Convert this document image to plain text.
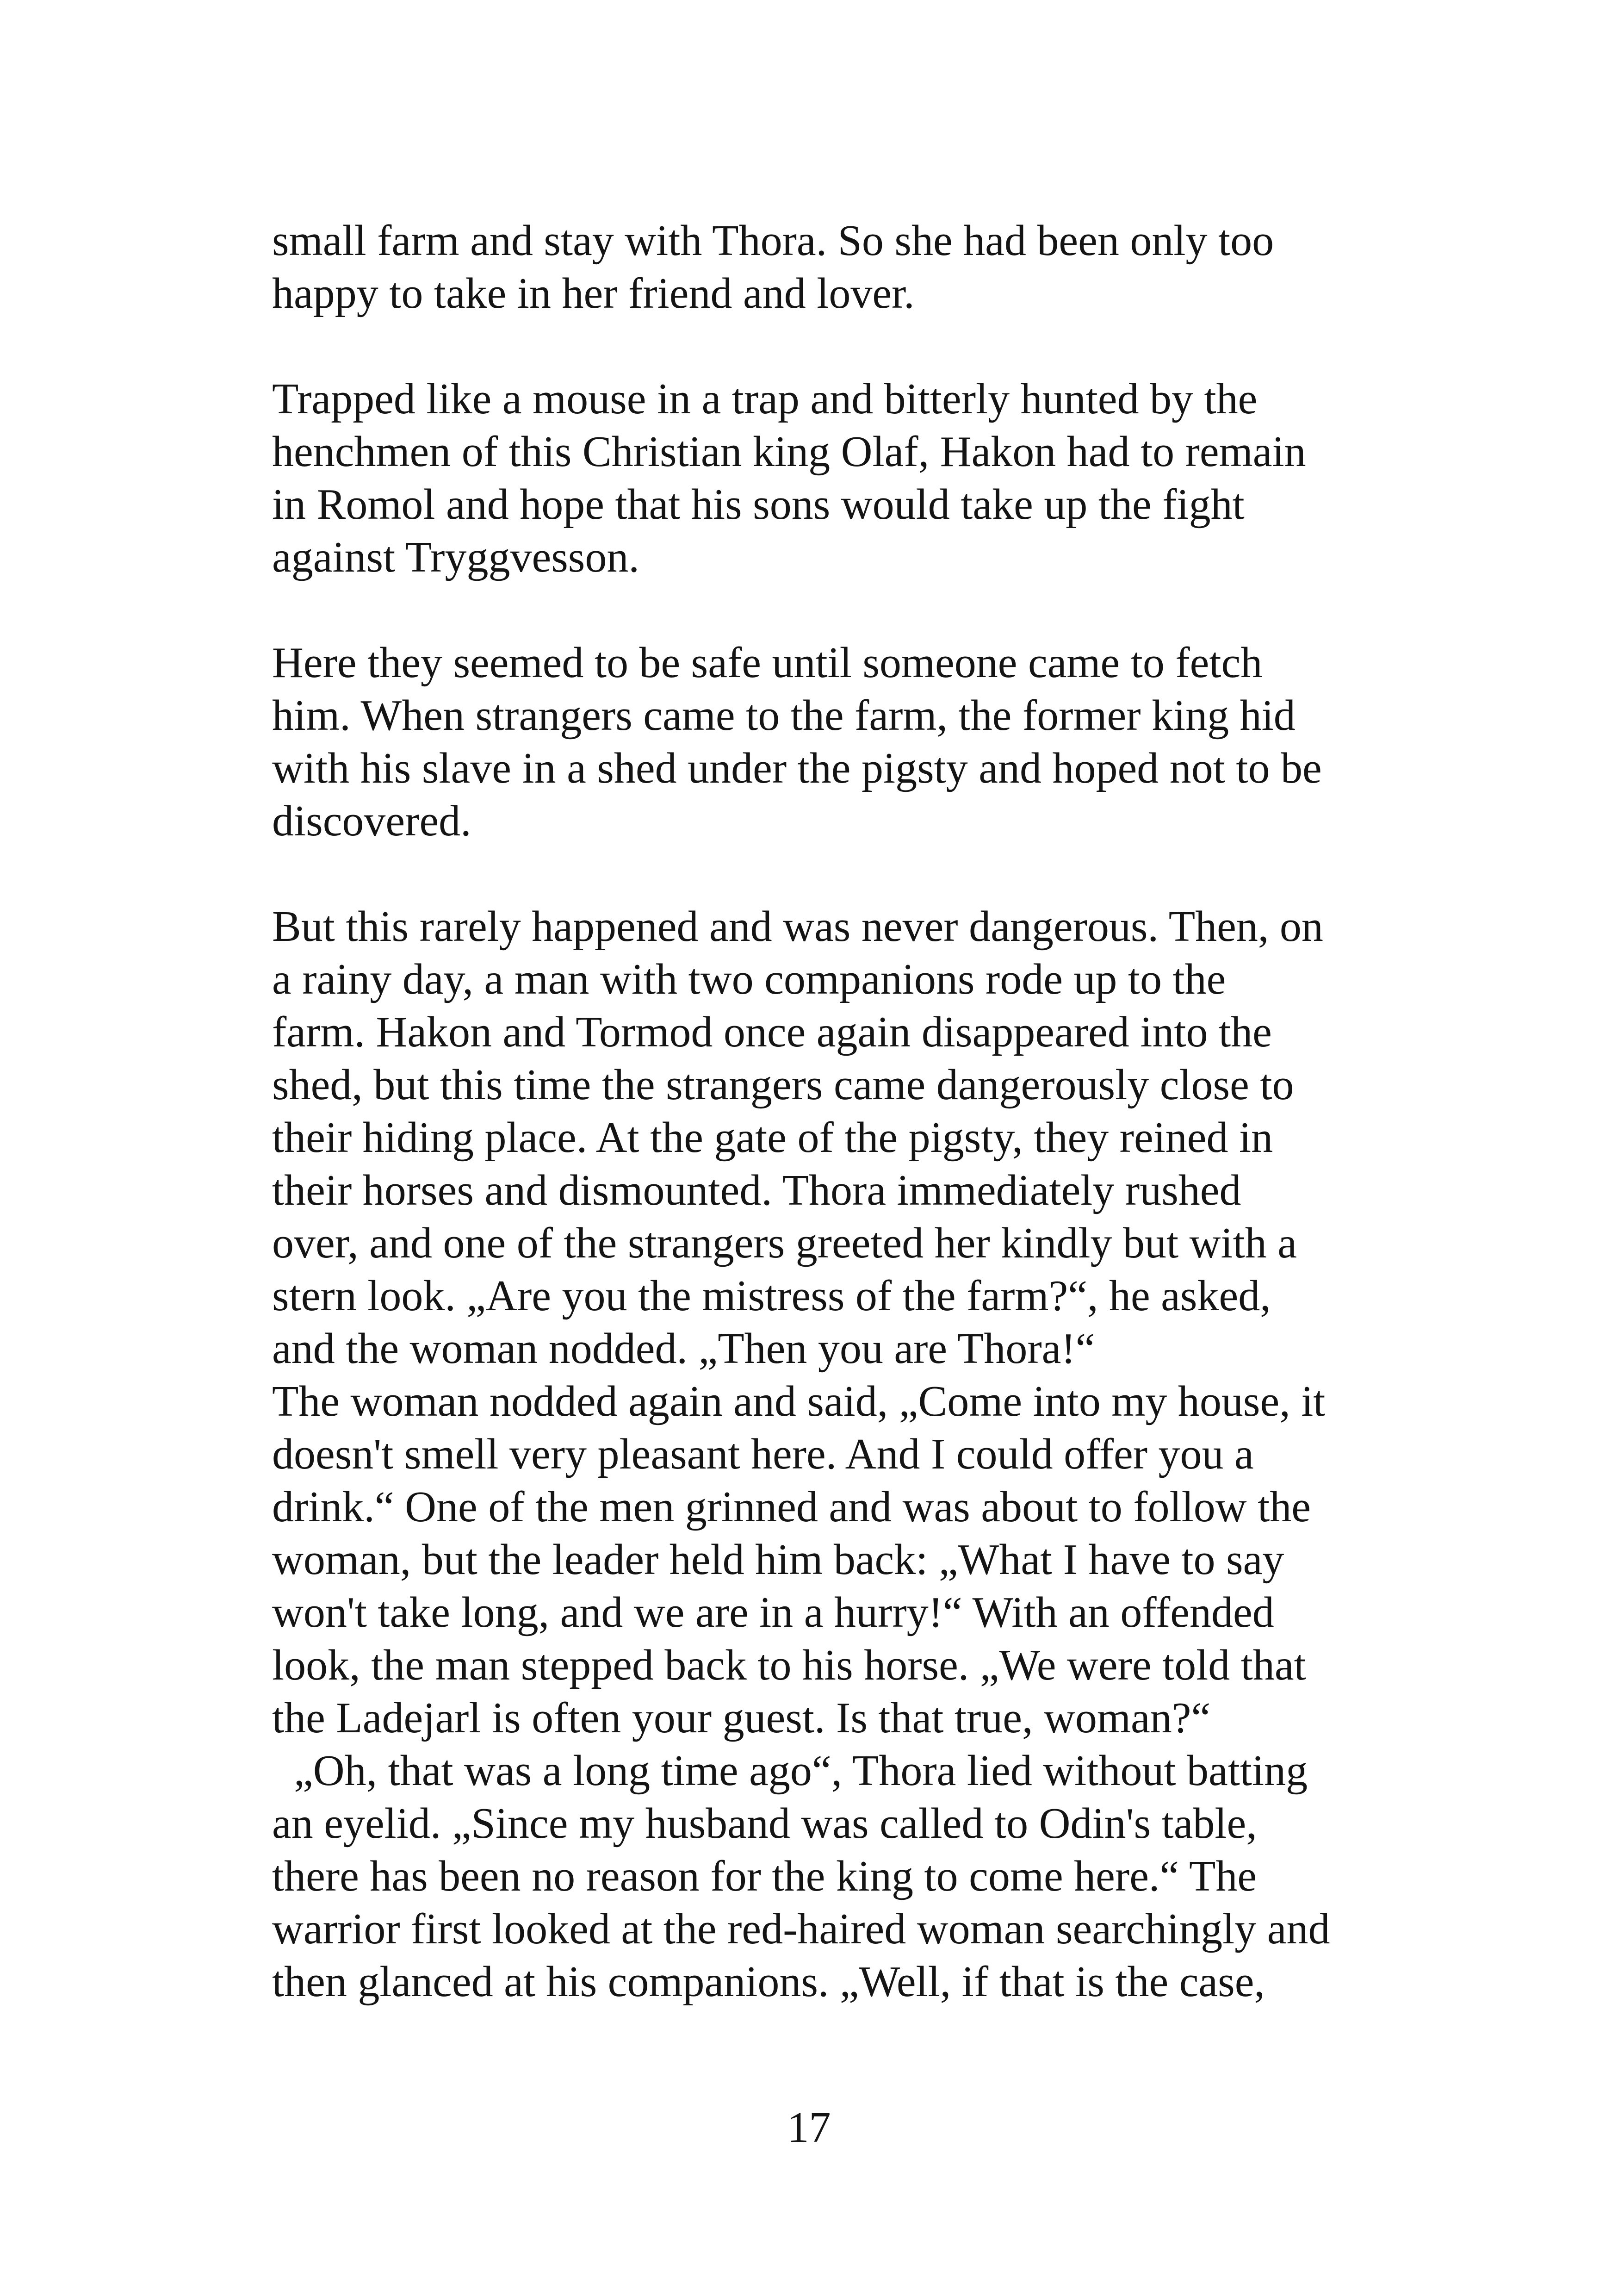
small farm and stay with Thora. So she had been only too
happy to take in her friend and lover.
Trapped like a mouse in a trap and bitterly hunted by the
henchmen of this Christian king Olaf, Hakon had to remain
in Romol and hope that his sons would take up the fight
against Tryggvesson.
Here they seemed to be safe until someone came to fetch
him. When strangers came to the farm, the former king hid
with his slave in a shed under the pigsty and hoped not to be
discovered.
But this rarely happened and was never dangerous. Then, on
a rainy day, a man with two companions rode up to the
farm. Hakon and Tormod once again disappeared into the
shed, but this time the strangers came dangerously close to
their hiding place. At the gate of the pigsty, they reined in
their horses and dismounted. Thora immediately rushed
over, and one of the strangers greeted her kindly but with a
stern look. „Are you the mistress of the farm?“, he asked,
and the woman nodded. „Then you are Thora!“
The woman nodded again and said, „Come into my house, it
doesn't smell very pleasant here. And I could offer you a
drink.“ One of the men grinned and was about to follow the
woman, but the leader held him back: „What I have to say
won't take long, and we are in a hurry!“ With an offended
look, the man stepped back to his horse. „We were told that
the Ladejarl is often your guest. Is that true, woman?“
„Oh, that was a long time ago“, Thora lied without batting
an eyelid. „Since my husband was called to Odin's table,
there has been no reason for the king to come here.“ The
warrior first looked at the red-haired woman searchingly and
then glanced at his companions. „Well, if that is the case,
17
